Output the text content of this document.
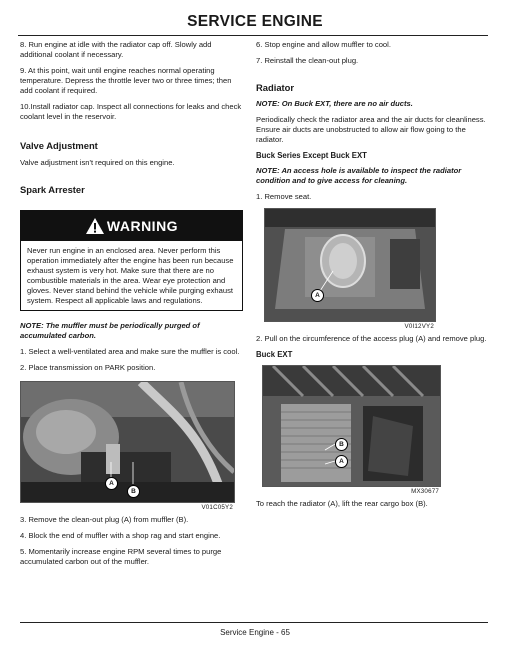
SERVICE ENGINE

8. Run engine at idle with the radiator cap off. Slowly add additional coolant if necessary.

9. At this point, wait until engine reaches normal operating temperature. Depress the throttle lever two or three times; then add coolant if required.

10.Install radiator cap. Inspect all connections for leaks and check coolant level in the reservoir.

Valve Adjustment

Valve adjustment isn't required on this engine.

Spark Arrester
WARNING

Never run engine in an enclosed area. Never perform this operation immediately after the engine has been run because exhaust system is very hot. Make sure that there are no combustible materials in the area. Wear eye protection and gloves. Never stand behind the vehicle while purging exhaust system. Respect all applicable laws and regulations.

NOTE: The muffler must be periodically purged of accumulated carbon.

1. Select a well-ventilated area and make sure the muffler is cool.

2. Place transmission on PARK position.

A
B
V01C05Y2

3. Remove the clean-out plug (A) from muffler (B).

4. Block the end of muffler with a shop rag and start engine.

5. Momentarily increase engine RPM several times to purge accumulated carbon out of the muffler.

6. Stop engine and allow muffler to cool.

7. Reinstall the clean-out plug.

Radiator

NOTE: On Buck EXT, there are no air ducts.

Periodically check the radiator area and the air ducts for cleanliness. Ensure air ducts are unobstructed to allow air flow going to the radiator.

Buck Series Except Buck EXT

NOTE: An access hole is available to inspect the radiator condition and to give access for cleaning.

1. Remove seat.

A
V0I12VY2

2. Pull on the circumference of the access plug (A) and remove plug.

Buck EXT
B
A
MX30677

To reach the radiator (A), lift the rear cargo box (B).

Service Engine - 65
